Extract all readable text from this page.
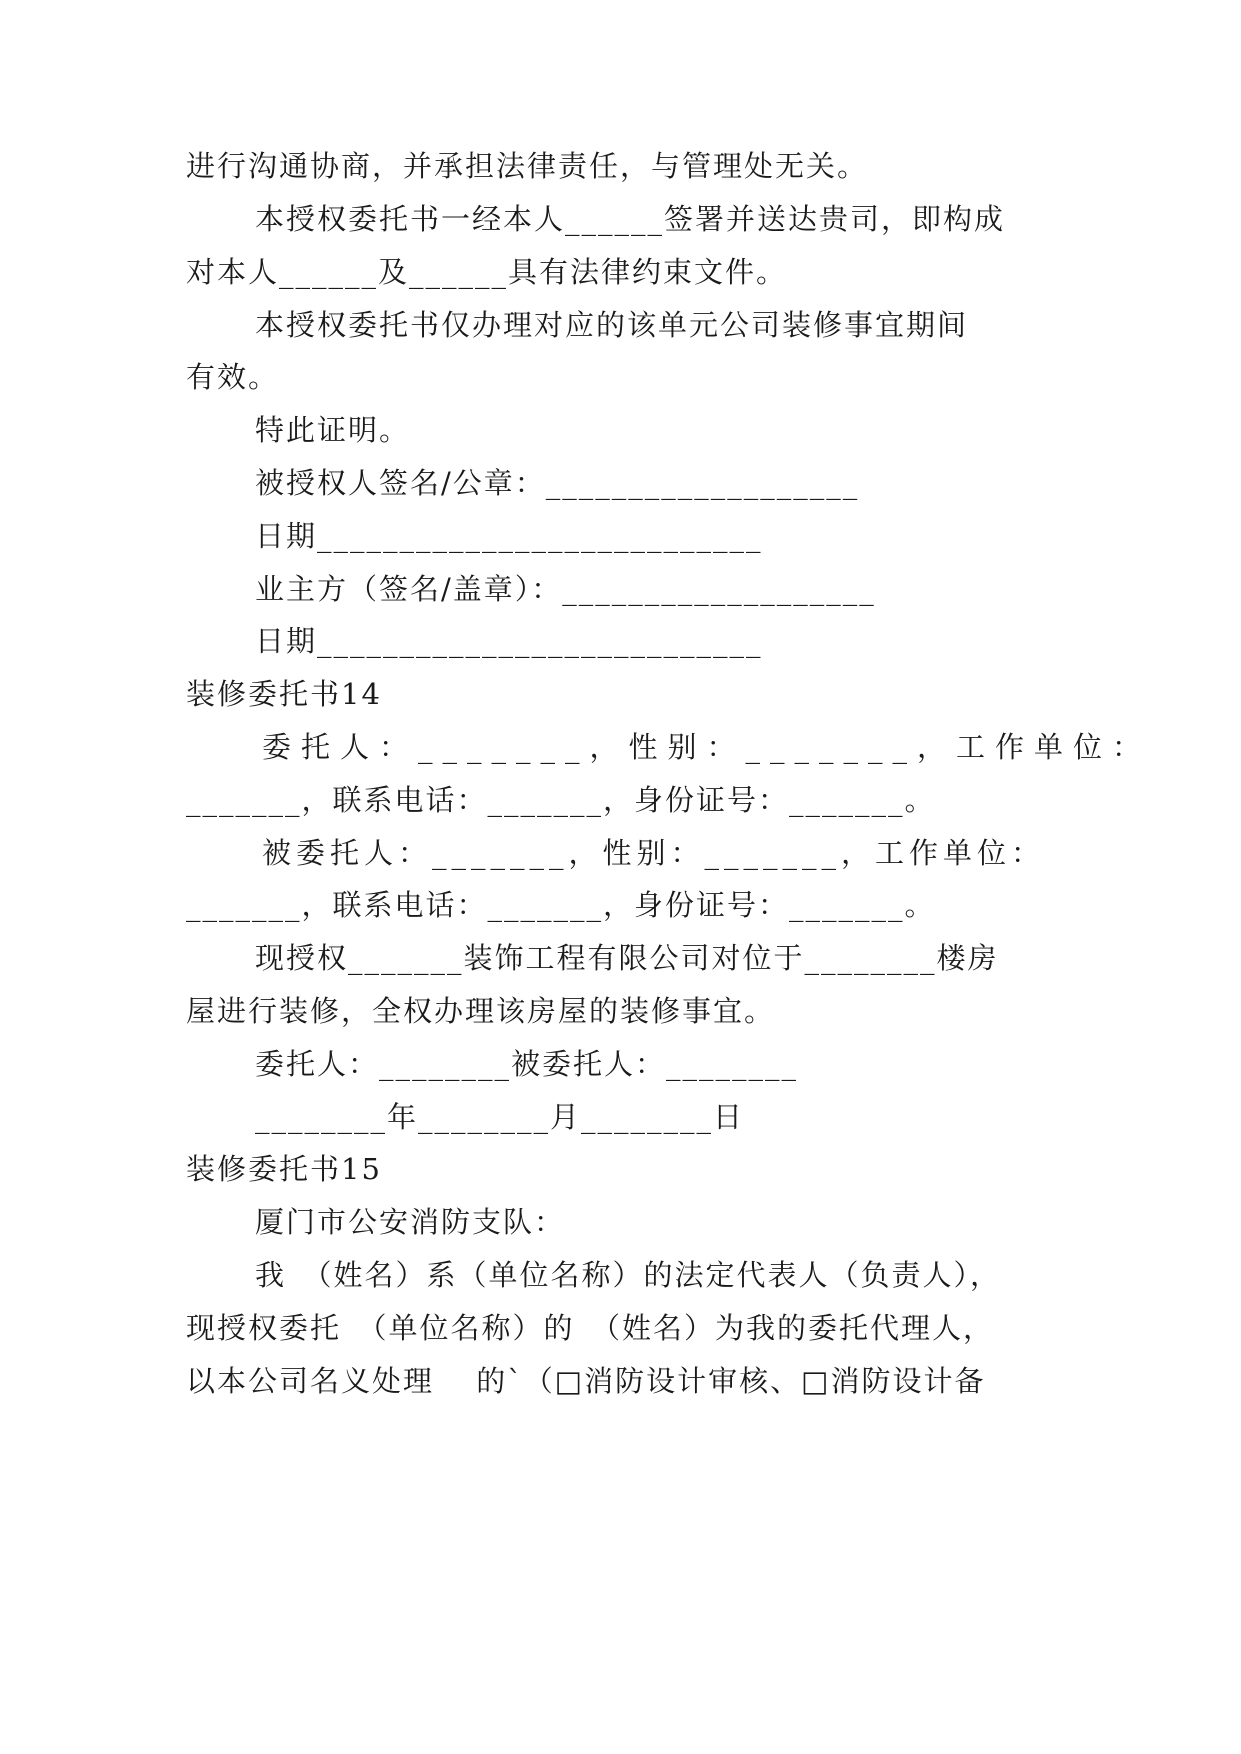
进行沟通协商，并承担法律责任，与管理处无关。
本授权委托书一经本人______签署并送达贵司，即构成
对本人______及______具有法律约束文件。
本授权委托书仅办理对应的该单元公司装修事宜期间
有效。
特此证明。
被授权人签名/公章：___________________
日期___________________________
业主方（签名/盖章）：___________________
日期___________________________
装修委托书14
委托人：_______，性别：_______，工作单位：
_______，联系电话：_______，身份证号：_______。
被委托人：_______，性别：_______，工作单位：
_______，联系电话：_______，身份证号：_______。
现授权_______装饰工程有限公司对位于________楼房
屋进行装修，全权办理该房屋的装修事宜。
委托人：________被委托人：________
________年________月________日
装修委托书15
厦门市公安消防支队：
我　（姓名）系（单位名称）的法定代表人（负责人），
现授权委托　（单位名称）的　（姓名）为我的委托代理人，
以本公司名义处理　 的`（□消防设计审核、□消防设计备
